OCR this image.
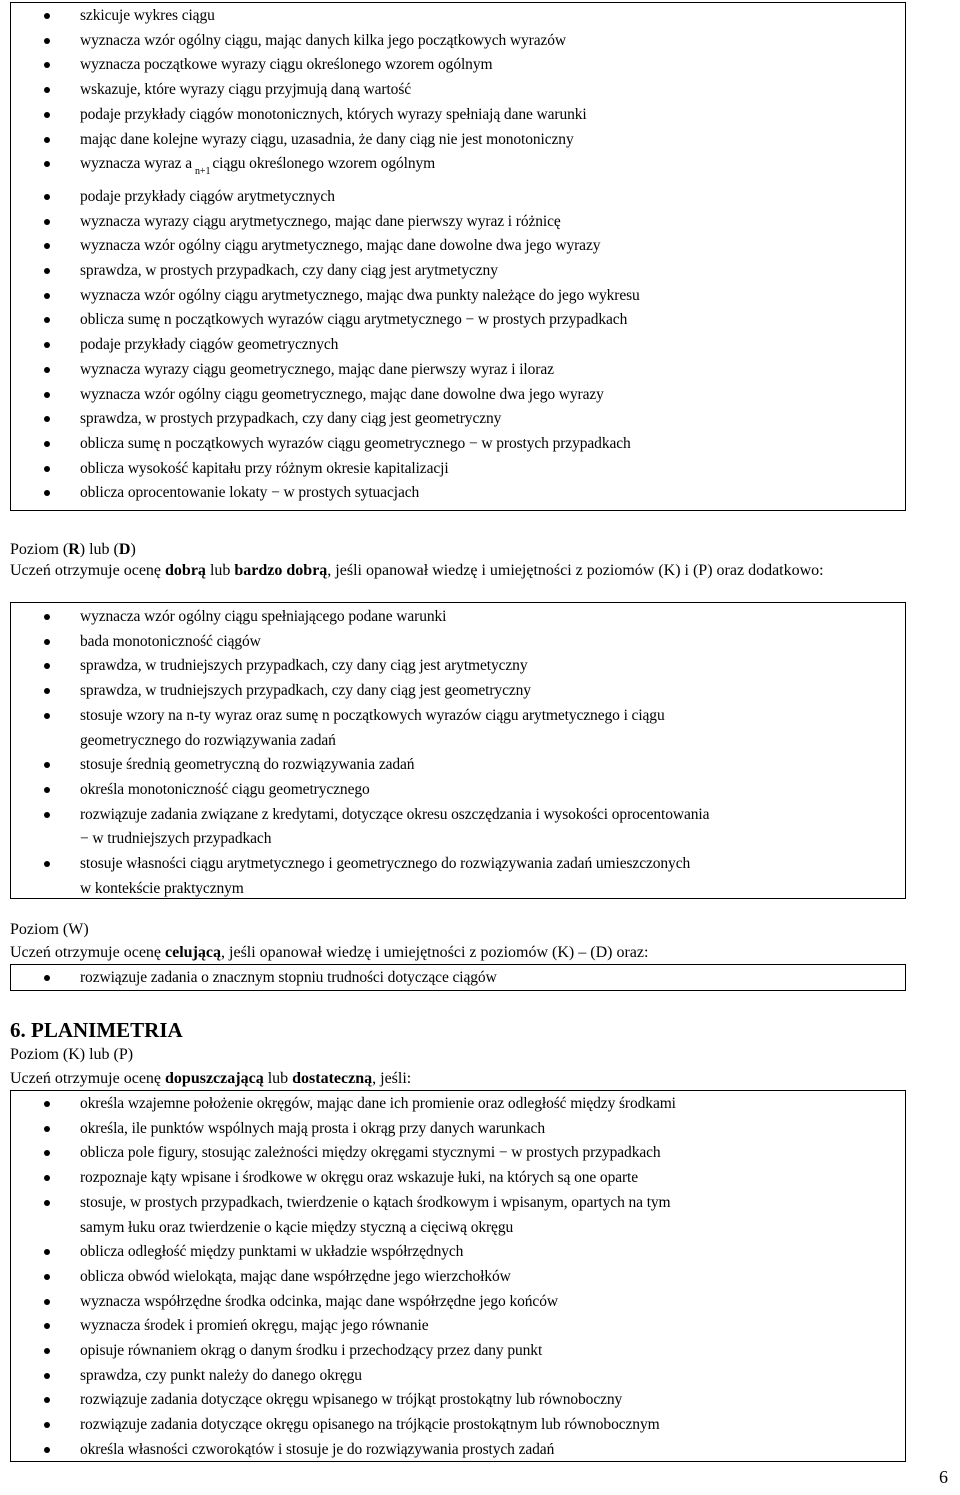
szkicuje wykres ciągu
wyznacza wzór ogólny ciągu, mając danych kilka jego początkowych wyrazów
wyznacza początkowe wyrazy ciągu określonego wzorem ogólnym
wskazuje, które wyrazy ciągu przyjmują daną wartość
podaje przykłady ciągów monotonicznych, których wyrazy spełniają dane warunki
mając dane kolejne wyrazy ciągu, uzasadnia, że dany ciąg nie jest monotoniczny
wyznacza wyraz a $_{n+1}$ ciągu określonego wzorem ogólnym
podaje przykłady ciągów arytmetycznych
wyznacza wyrazy ciągu arytmetycznego, mając dane pierwszy wyraz i różnicę
wyznacza wzór ogólny ciągu arytmetycznego, mając dane dowolne dwa jego wyrazy
sprawdza, w prostych przypadkach, czy dany ciąg jest arytmetyczny
wyznacza wzór ogólny ciągu arytmetycznego, mając dwa punkty należące do jego wykresu
oblicza sumę n początkowych wyrazów ciągu arytmetycznego − w prostych przypadkach
podaje przykłady ciągów geometrycznych
wyznacza wyrazy ciągu geometrycznego, mając dane pierwszy wyraz i iloraz
wyznacza wzór ogólny ciągu geometrycznego, mając dane dowolne dwa jego wyrazy
sprawdza, w prostych przypadkach, czy dany ciąg jest geometryczny
oblicza sumę n początkowych wyrazów ciągu geometrycznego − w prostych przypadkach
oblicza wysokość kapitału przy różnym okresie kapitalizacji
oblicza oprocentowanie lokaty − w prostych sytuacjach
Poziom (R) lub (D)
Uczeń otrzymuje ocenę dobrą lub bardzo dobrą, jeśli opanował wiedzę i umiejętności z poziomów (K) i (P) oraz dodatkowo:
wyznacza wzór ogólny ciągu spełniającego podane warunki
bada monotoniczność ciągów
sprawdza, w trudniejszych przypadkach, czy dany ciąg jest arytmetyczny
sprawdza, w trudniejszych przypadkach, czy dany ciąg jest geometryczny
stosuje wzory na n-ty wyraz oraz sumę n początkowych wyrazów ciągu arytmetycznego i ciągu
geometrycznego do rozwiązywania zadań
stosuje średnią geometryczną do rozwiązywania zadań
określa monotoniczność ciągu geometrycznego
rozwiązuje zadania związane z kredytami, dotyczące okresu oszczędzania i wysokości oprocentowania
− w trudniejszych przypadkach
stosuje własności ciągu arytmetycznego i geometrycznego do rozwiązywania zadań umieszczonych
w kontekście praktycznym
Poziom (W)
Uczeń otrzymuje ocenę celującą, jeśli opanował wiedzę i umiejętności z poziomów (K) – (D) oraz:
rozwiązuje zadania o znacznym stopniu trudności dotyczące ciągów
6. PLANIMETRIA
Poziom (K) lub (P)
Uczeń otrzymuje ocenę dopuszczającą lub dostateczną, jeśli:
określa wzajemne położenie okręgów, mając dane ich promienie oraz odległość między środkami
określa, ile punktów wspólnych mają prosta i okrąg przy danych warunkach
oblicza pole figury, stosując zależności między okręgami stycznymi − w prostych przypadkach
rozpoznaje kąty wpisane i środkowe w okręgu oraz wskazuje łuki, na których są one oparte
stosuje, w prostych przypadkach, twierdzenie o kątach środkowym i wpisanym, opartych na tym
samym łuku oraz twierdzenie o kącie między styczną a cięciwą okręgu
oblicza odległość między punktami w układzie współrzędnych
oblicza obwód wielokąta, mając dane współrzędne jego wierzchołków
wyznacza współrzędne środka odcinka, mając dane współrzędne jego końców
wyznacza środek i promień okręgu, mając jego równanie
opisuje równaniem okrąg o danym środku i przechodzący przez dany punkt
sprawdza, czy punkt należy do danego okręgu
rozwiązuje zadania dotyczące okręgu wpisanego w trójkąt prostokątny lub równoboczny
rozwiązuje zadania dotyczące okręgu opisanego na trójkącie prostokątnym lub równobocznym
określa własności czworokątów i stosuje je do rozwiązywania prostych zadań
6
